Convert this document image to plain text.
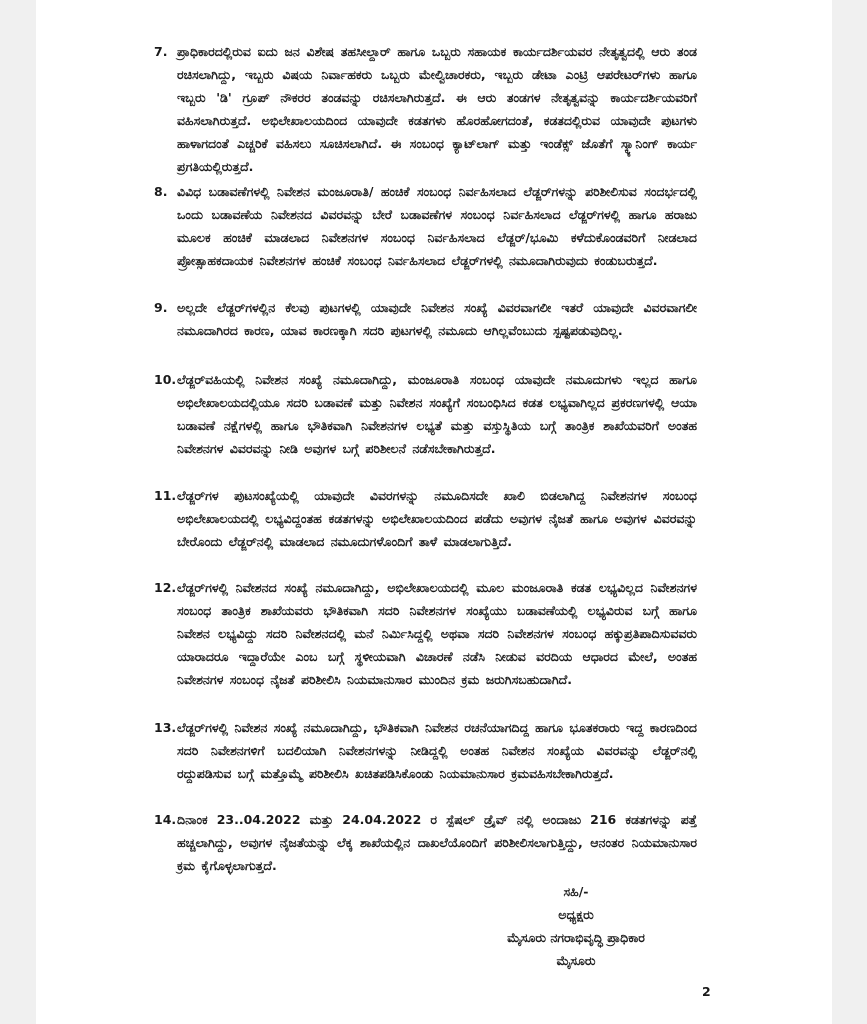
7. ಪ್ರಾಧಿಕಾರದಲ್ಲಿರುವ ಐದು ಜನ ವಿಶೇಷ ತಹಸೀಲ್ದಾರ್ ಹಾಗೂ ಒಬ್ಬರು ಸಹಾಯಕ ಕಾರ್ಯದರ್ಶಿಯವರ ನೇತೃತ್ವದಲ್ಲಿ ಆರು ತಂಡ ರಚಿಸಲಾಗಿದ್ದು, ಇಬ್ಬರು ವಿಷಯ ನಿರ್ವಾಹಕರು ಒಬ್ಬರು ಮೇಲ್ವಿಚಾರಕರು, ಇಬ್ಬರು ಡೇಟಾ ಎಂಟ್ರಿ ಆಪರೇಟರ್‌ಗಳು ಹಾಗೂ ಇಬ್ಬರು 'ಡಿ' ಗ್ರೂಪ್ ನೌಕರರ ತಂಡವನ್ನು ರಚಿಸಲಾಗಿರುತ್ತದೆ. ಈ ಆರು ತಂಡಗಳ ನೇತೃತ್ವವನ್ನು ಕಾರ್ಯದರ್ಶಿಯವರಿಗೆ ವಹಿಸಲಾಗಿರುತ್ತದೆ. ಅಭಿಲೇಖಾಲಯದಿಂದ ಯಾವುದೇ ಕಡತಗಳು ಹೊರಹೋಗದಂತೆ, ಕಡತದಲ್ಲಿರುವ ಯಾವುದೇ ಪುಟಗಳು ಹಾಳಾಗದಂತೆ ಎಚ್ಚರಿಕೆ ವಹಿಸಲು ಸೂಚಿಸಲಾಗಿದೆ. ಈ ಸಂಬಂಧ ಕ್ಯಾಟ್‌ಲಾಗ್ ಮತ್ತು ಇಂಡೆಕ್ಸ್ ಜೊತೆಗೆ ಸ್ಕ್ಯಾನಿಂಗ್ ಕಾರ್ಯ ಪ್ರಗತಿಯಲ್ಲಿರುತ್ತದೆ.
8. ವಿವಿಧ ಬಡಾವಣೆಗಳಲ್ಲಿ ನಿವೇಶನ ಮಂಜೂರಾತಿ/ ಹಂಚಿಕೆ ಸಂಬಂಧ ನಿರ್ವಹಿಸಲಾದ ಲೆಡ್ಜರ್‌ಗಳನ್ನು ಪರಿಶೀಲಿಸುವ ಸಂದರ್ಭದಲ್ಲಿ ಒಂದು ಬಡಾವಣೆಯ ನಿವೇಶನದ ವಿವರವನ್ನು ಬೇರೆ ಬಡಾವಣೆಗಳ ಸಂಬಂಧ ನಿರ್ವಹಿಸಲಾದ ಲೆಡ್ಜರ್‌ಗಳಲ್ಲಿ ಹಾಗೂ ಹರಾಜು ಮೂಲಕ ಹಂಚಿಕೆ ಮಾಡಲಾದ ನಿವೇಶನಗಳ ಸಂಬಂಧ ನಿರ್ವಹಿಸಲಾದ ಲೆಡ್ಜರ್/ಭೂಮಿ ಕಳೆದುಕೊಂಡವರಿಗೆ ನೀಡಲಾದ ಪ್ರೋತ್ಸಾಹಕದಾಯಕ ನಿವೇಶನಗಳ ಹಂಚಿಕೆ ಸಂಬಂಧ ನಿರ್ವಹಿಸಲಾದ ಲೆಡ್ಜರ್‌ಗಳಲ್ಲಿ ನಮೂದಾಗಿರುವುದು ಕಂಡುಬರುತ್ತದೆ.
9. ಅಲ್ಲದೇ ಲೆಡ್ಜರ್‌ಗಳಲ್ಲಿನ ಕೆಲವು ಪುಟಗಳಲ್ಲಿ ಯಾವುದೇ ನಿವೇಶನ ಸಂಖ್ಯೆ ವಿವರವಾಗಲೀ ಇತರೆ ಯಾವುದೇ ವಿವರವಾಗಲೀ ನಮೂದಾಗಿರದ ಕಾರಣ, ಯಾವ ಕಾರಣಕ್ಕಾಗಿ ಸದರಿ ಪುಟಗಳಲ್ಲಿ ನಮೂದು ಆಗಿಲ್ಲವೆಂಬುದು ಸ್ಪಷ್ಟಪಡುವುದಿಲ್ಲ.
10. ಲೆಡ್ಜರ್‌ವಹಿಯಲ್ಲಿ ನಿವೇಶನ ಸಂಖ್ಯೆ ನಮೂದಾಗಿದ್ದು, ಮಂಜೂರಾತಿ ಸಂಬಂಧ ಯಾವುದೇ ನಮೂದುಗಳು ಇಲ್ಲದ ಹಾಗೂ ಅಭಿಲೇಖಾಲಯದಲ್ಲಿಯೂ ಸದರಿ ಬಡಾವಣೆ ಮತ್ತು ನಿವೇಶನ ಸಂಖ್ಯೆಗೆ ಸಂಬಂಧಿಸಿದ ಕಡತ ಲಭ್ಯವಾಗಿಲ್ಲದ ಪ್ರಕರಣಗಳಲ್ಲಿ ಆಯಾ ಬಡಾವಣೆ ನಕ್ಷೆಗಳಲ್ಲಿ ಹಾಗೂ ಭೌತಿಕವಾಗಿ ನಿವೇಶನಗಳ ಲಭ್ಯತೆ ಮತ್ತು ವಸ್ತುಸ್ಥಿತಿಯ ಬಗ್ಗೆ ತಾಂತ್ರಿಕ ಶಾಖೆಯವರಿಗೆ ಅಂತಹ ನಿವೇಶನಗಳ ವಿವರವನ್ನು ನೀಡಿ ಅವುಗಳ ಬಗ್ಗೆ ಪರಿಶೀಲನೆ ನಡೆಸಬೇಕಾಗಿರುತ್ತದೆ.
11. ಲೆಡ್ಜರ್‌ಗಳ ಪುಟಸಂಖ್ಯೆಯಲ್ಲಿ ಯಾವುದೇ ವಿವರಗಳನ್ನು ನಮೂದಿಸದೇ ಖಾಲಿ ಬಿಡಲಾಗಿದ್ದ ನಿವೇಶನಗಳ ಸಂಬಂಧ ಅಭಿಲೇಖಾಲಯದಲ್ಲಿ ಲಭ್ಯವಿದ್ದಂತಹ ಕಡತಗಳನ್ನು ಅಭಿಲೇಖಾಲಯದಿಂದ ಪಡೆದು ಅವುಗಳ ನೈಜತೆ ಹಾಗೂ ಅವುಗಳ ವಿವರವನ್ನು ಬೇರೊಂದು ಲೆಡ್ಜರ್‌ನಲ್ಲಿ ಮಾಡಲಾದ ನಮೂದುಗಳೊಂದಿಗೆ ತಾಳೆ ಮಾಡಲಾಗುತ್ತಿದೆ.
12. ಲೆಡ್ಜರ್‌ಗಳಲ್ಲಿ ನಿವೇಶನದ ಸಂಖ್ಯೆ ನಮೂದಾಗಿದ್ದು, ಅಭಿಲೇಖಾಲಯದಲ್ಲಿ ಮೂಲ ಮಂಜೂರಾತಿ ಕಡತ ಲಭ್ಯವಿಲ್ಲದ ನಿವೇಶನಗಳ ಸಂಬಂಧ ತಾಂತ್ರಿಕ ಶಾಖೆಯವರು ಭೌತಿಕವಾಗಿ ಸದರಿ ನಿವೇಶನಗಳ ಸಂಖ್ಯೆಯು ಬಡಾವಣೆಯಲ್ಲಿ ಲಭ್ಯವಿರುವ ಬಗ್ಗೆ ಹಾಗೂ ನಿವೇಶನ ಲಭ್ಯವಿದ್ದು ಸದರಿ ನಿವೇಶನದಲ್ಲಿ ಮನೆ ನಿರ್ಮಿಸಿದ್ದಲ್ಲಿ ಅಥವಾ ಸದರಿ ನಿವೇಶನಗಳ ಸಂಬಂಧ ಹಕ್ಕುಪ್ರತಿಪಾದಿಸುವವರು ಯಾರಾದರೂ ಇದ್ದಾರೆಯೇ ಎಂಬ ಬಗ್ಗೆ ಸ್ಥಳೀಯವಾಗಿ ವಿಚಾರಣೆ ನಡೆಸಿ ನೀಡುವ ವರದಿಯ ಆಧಾರದ ಮೇಲೆ, ಅಂತಹ ನಿವೇಶನಗಳ ಸಂಬಂಧ ನೈಜತೆ ಪರಿಶೀಲಿಸಿ ನಿಯಮಾನುಸಾರ ಮುಂದಿನ ಕ್ರಮ ಜರುಗಿಸಬಹುದಾಗಿದೆ.
13. ಲೆಡ್ಜರ್‌ಗಳಲ್ಲಿ ನಿವೇಶನ ಸಂಖ್ಯೆ ನಮೂದಾಗಿದ್ದು, ಭೌತಿಕವಾಗಿ ನಿವೇಶನ ರಚನೆಯಾಗದಿದ್ದ ಹಾಗೂ ಭೂತಕರಾರು ಇದ್ದ ಕಾರಣದಿಂದ ಸದರಿ ನಿವೇಶನಗಳಿಗೆ ಬದಲಿಯಾಗಿ ನಿವೇಶನಗಳನ್ನು ನೀಡಿದ್ದಲ್ಲಿ ಅಂತಹ ನಿವೇಶನ ಸಂಖ್ಯೆಯ ವಿವರವನ್ನು ಲೆಡ್ಜರ್‌ನಲ್ಲಿ ರದ್ದುಪಡಿಸುವ ಬಗ್ಗೆ ಮತ್ತೊಮ್ಮೆ ಪರಿಶೀಲಿಸಿ ಖಚಿತಪಡಿಸಿಕೊಂಡು ನಿಯಮಾನುಸಾರ ಕ್ರಮವಹಿಸಬೇಕಾಗಿರುತ್ತದೆ.
14. ದಿನಾಂಕ 23..04.2022 ಮತ್ತು 24.04.2022 ರ ಸ್ಪೆಷಲ್ ಡ್ರೈವ್ ನಲ್ಲಿ ಅಂದಾಜು 216 ಕಡತಗಳನ್ನು ಪತ್ತೆ ಹಚ್ಚಲಾಗಿದ್ದು, ಅವುಗಳ ನೈಜತೆಯನ್ನು ಲೆಕ್ಕ ಶಾಖೆಯಲ್ಲಿನ ದಾಖಲೆಯೊಂದಿಗೆ ಪರಿಶೀಲಿಸಲಾಗುತ್ತಿದ್ದು, ಆನಂತರ ನಿಯಮಾನುಸಾರ ಕ್ರಮ ಕೈಗೊಳ್ಳಲಾಗುತ್ತದೆ.
ಸಹಿ/-
ಅಧ್ಯಕ್ಷರು
ಮೈಸೂರು ನಗರಾಭಿವೃದ್ಧಿ ಪ್ರಾಧಿಕಾರ
ಮೈಸೂರು
2
